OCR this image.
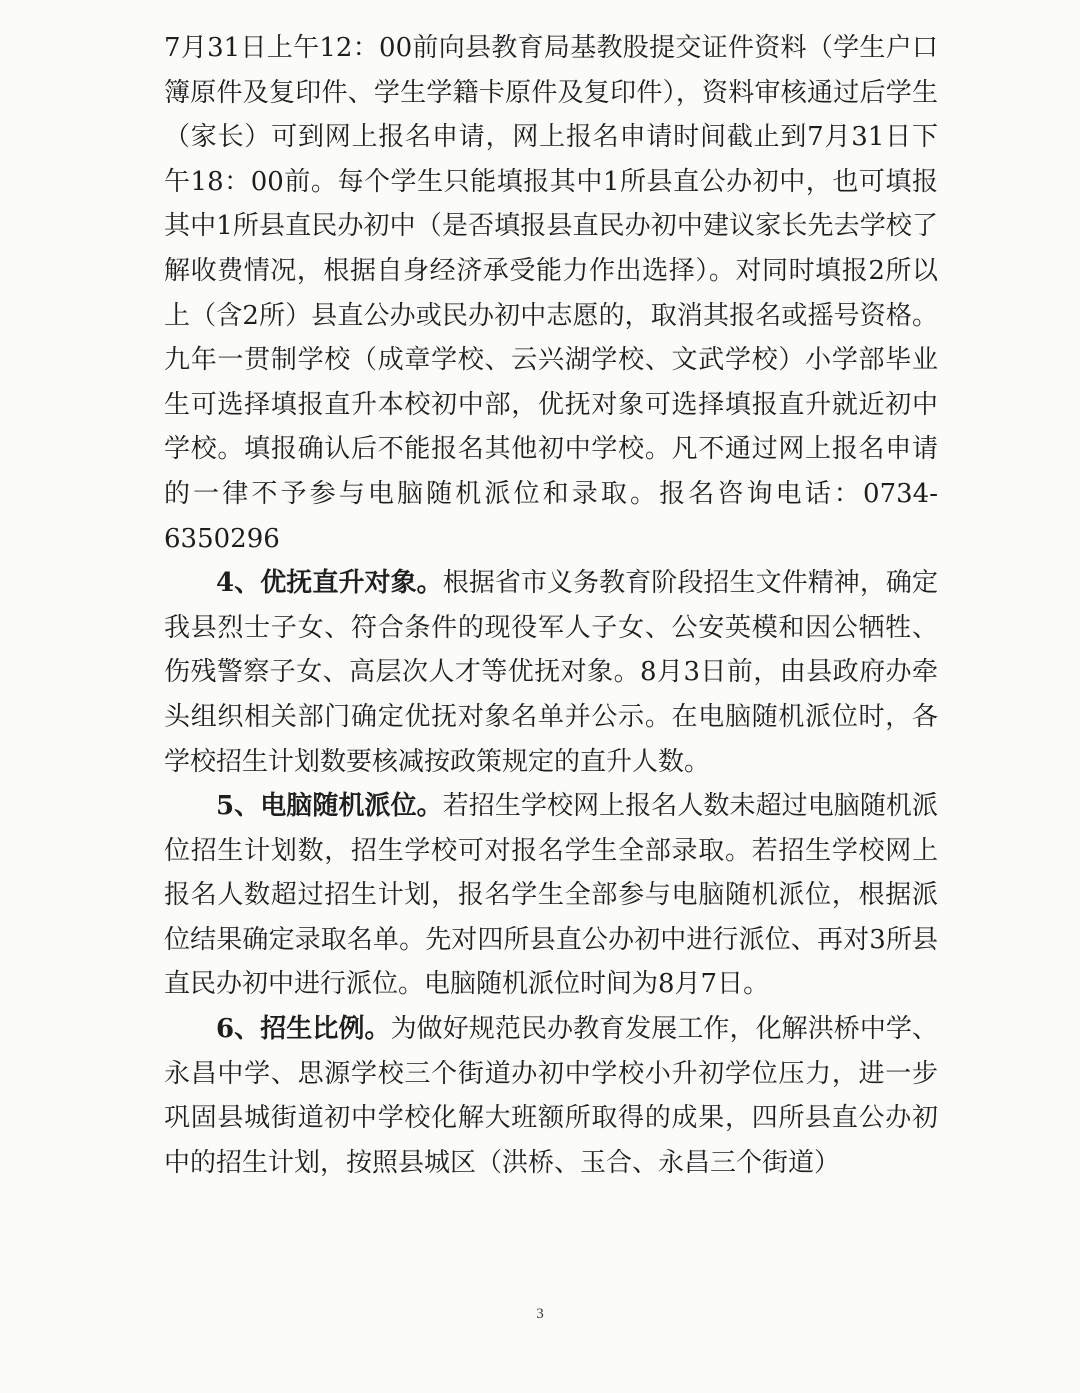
7月31日上午12：00前向县教育局基教股提交证件资料（学生户口簿原件及复印件、学生学籍卡原件及复印件），资料审核通过后学生（家长）可到网上报名申请，网上报名申请时间截止到7月31日下午18：00前。每个学生只能填报其中1所县直公办初中，也可填报其中1所县直民办初中（是否填报县直民办初中建议家长先去学校了解收费情况，根据自身经济承受能力作出选择）。对同时填报2所以上（含2所）县直公办或民办初中志愿的，取消其报名或摇号资格。九年一贯制学校（成章学校、云兴湖学校、文武学校）小学部毕业生可选择填报直升本校初中部，优抚对象可选择填报直升就近初中学校。填报确认后不能报名其他初中学校。凡不通过网上报名申请的一律不予参与电脑随机派位和录取。报名咨询电话：0734-6350296

4、优抚直升对象。根据省市义务教育阶段招生文件精神，确定我县烈士子女、符合条件的现役军人子女、公安英模和因公牺牲、伤残警察子女、高层次人才等优抚对象。8月3日前，由县政府办牵头组织相关部门确定优抚对象名单并公示。在电脑随机派位时，各学校招生计划数要核减按政策规定的直升人数。

5、电脑随机派位。若招生学校网上报名人数未超过电脑随机派位招生计划数，招生学校可对报名学生全部录取。若招生学校网上报名人数超过招生计划，报名学生全部参与电脑随机派位，根据派位结果确定录取名单。先对四所县直公办初中进行派位、再对3所县直民办初中进行派位。电脑随机派位时间为8月7日。

6、招生比例。为做好规范民办教育发展工作，化解洪桥中学、永昌中学、思源学校三个街道办初中学校小升初学位压力，进一步巩固县城街道初中学校化解大班额所取得的成果，四所县直公办初中的招生计划，按照县城区（洪桥、玉合、永昌三个街道）

3
